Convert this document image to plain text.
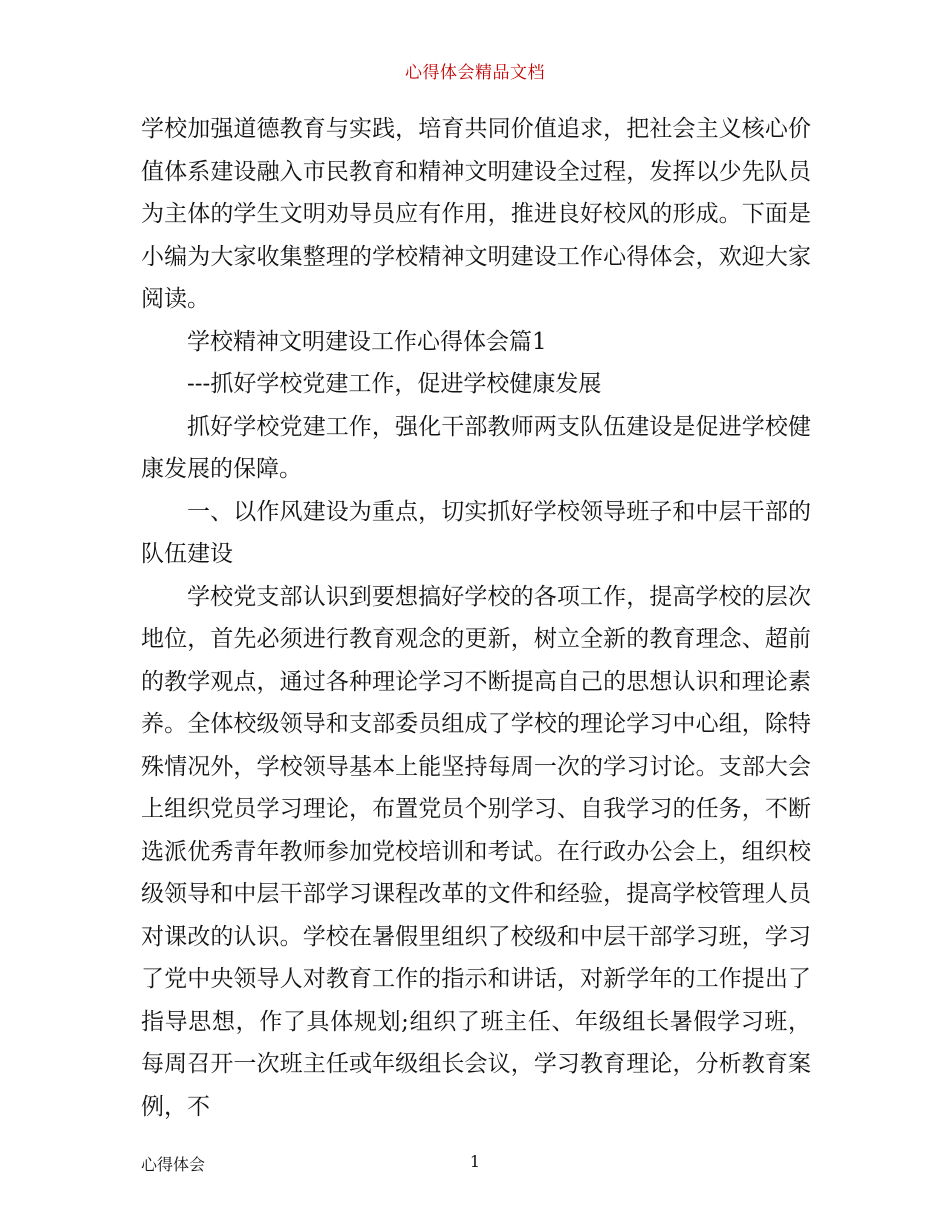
心得体会精品文档

学校加强道德教育与实践，培育共同价值追求，把社会主义核心价值体系建设融入市民教育和精神文明建设全过程，发挥以少先队员为主体的学生文明劝导员应有作用，推进良好校风的形成。下面是小编为大家收集整理的学校精神文明建设工作心得体会，欢迎大家阅读。

学校精神文明建设工作心得体会篇1

---抓好学校党建工作，促进学校健康发展

抓好学校党建工作，强化干部教师两支队伍建设是促进学校健康发展的保障。

一、以作风建设为重点，切实抓好学校领导班子和中层干部的队伍建设

学校党支部认识到要想搞好学校的各项工作，提高学校的层次地位，首先必须进行教育观念的更新，树立全新的教育理念、超前的教学观点，通过各种理论学习不断提高自己的思想认识和理论素养。全体校级领导和支部委员组成了学校的理论学习中心组，除特殊情况外，学校领导基本上能坚持每周一次的学习讨论。支部大会上组织党员学习理论，布置党员个别学习、自我学习的任务，不断选派优秀青年教师参加党校培训和考试。在行政办公会上，组织校级领导和中层干部学习课程改革的文件和经验，提高学校管理人员对课改的认识。学校在暑假里组织了校级和中层干部学习班，学习了党中央领导人对教育工作的指示和讲话，对新学年的工作提出了指导思想，作了具体规划;组织了班主任、年级组长暑假学习班，每周召开一次班主任或年级组长会议，学习教育理论，分析教育案例，不

心得体会	1
